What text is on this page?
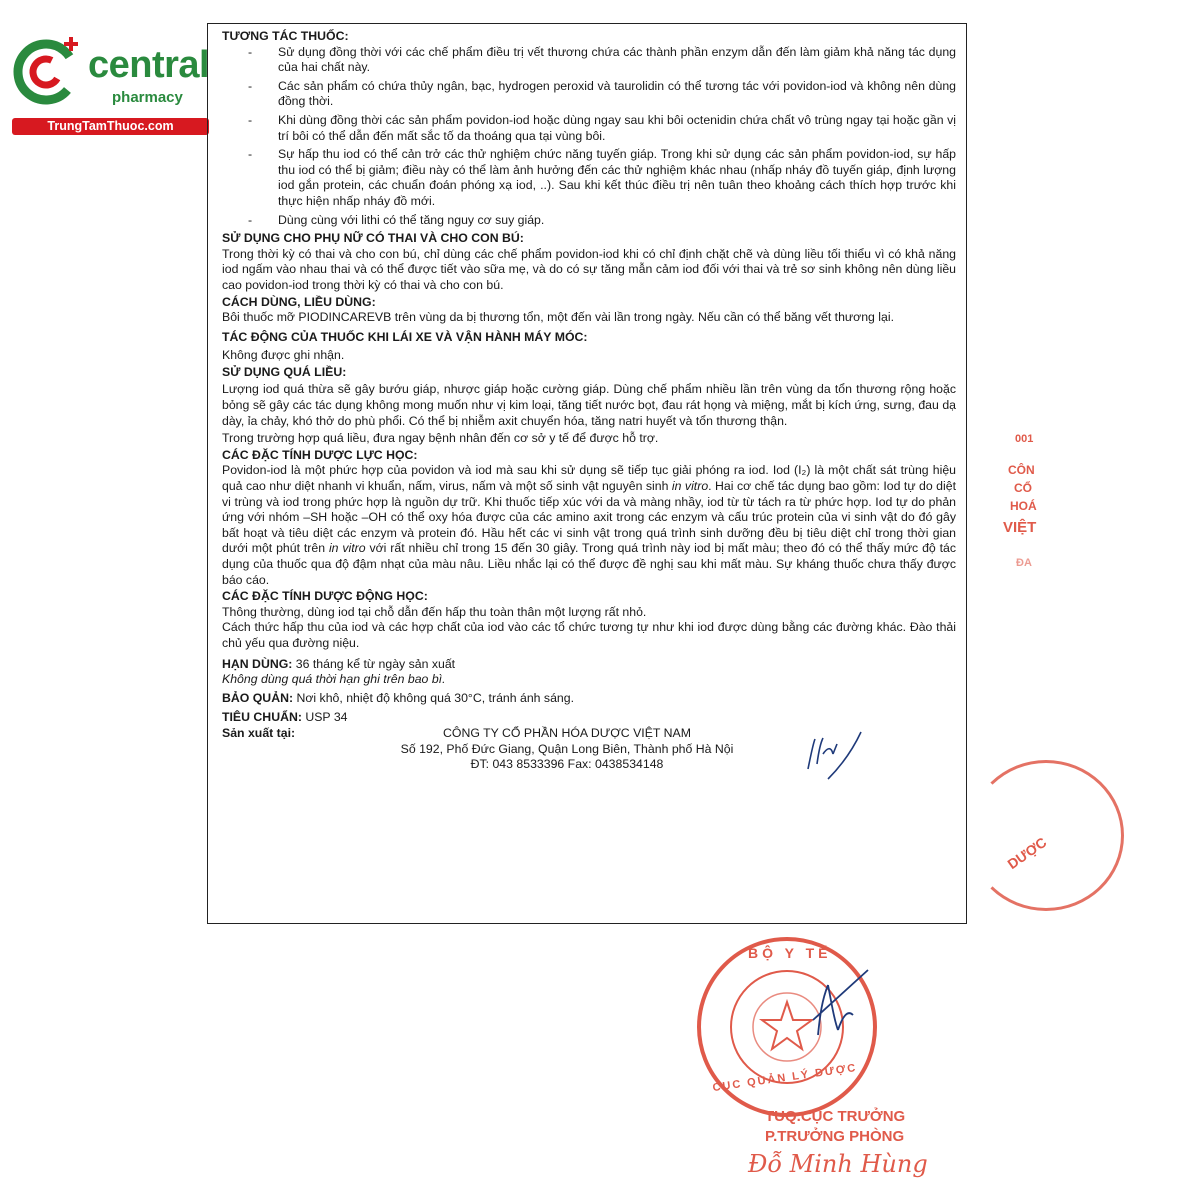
central
pharmacy
TrungTamThuoc.com
TƯƠNG TÁC THUỐC:
- Sử dụng đồng thời với các chế phẩm điều trị vết thương chứa các thành phần enzym dẫn đến làm giảm khả năng tác dụng của hai chất này.
- Các sản phẩm có chứa thủy ngân, bạc, hydrogen peroxid và taurolidin có thể tương tác với povidon-iod và không nên dùng đồng thời.
- Khi dùng đồng thời các sản phẩm povidon-iod hoặc dùng ngay sau khi bôi octenidin chứa chất vô trùng ngay tại hoặc gần vị trí bôi có thể dẫn đến mất sắc tố da thoáng qua tại vùng bôi.
- Sự hấp thu iod có thể cản trở các thử nghiệm chức năng tuyến giáp. Trong khi sử dụng các sản phẩm povidon-iod, sự hấp thu iod có thể bị giảm; điều này có thể làm ảnh hưởng đến các thử nghiệm khác nhau (nhấp nháy đồ tuyến giáp, định lượng iod gắn protein, các chuẩn đoán phóng xạ iod, ..). Sau khi kết thúc điều trị nên tuân theo khoảng cách thích hợp trước khi thực hiện nhấp nháy đồ mới.
- Dùng cùng với lithi có thể tăng nguy cơ suy giáp.
SỬ DỤNG CHO PHỤ NỮ CÓ THAI VÀ CHO CON BÚ:

Trong thời kỳ có thai và cho con bú, chỉ dùng các chế phẩm povidon-iod khi có chỉ định chặt chẽ và dùng liều tối thiểu vì có khả năng iod ngấm vào nhau thai và có thể được tiết vào sữa mẹ, và do có sự tăng mẫn cảm iod đối với thai và trẻ sơ sinh không nên dùng liều cao povidon-iod trong thời kỳ có thai và cho con bú.

CÁCH DÙNG, LIỀU DÙNG:

Bôi thuốc mỡ PIODINCAREVB trên vùng da bị thương tổn, một đến vài lần trong ngày. Nếu cần có thể băng vết thương lại.

TÁC ĐỘNG CỦA THUỐC KHI LÁI XE VÀ VẬN HÀNH MÁY MÓC:

Không được ghi nhận.

SỬ DỤNG QUÁ LIỀU:

Lượng iod quá thừa sẽ gây bướu giáp, nhược giáp hoặc cường giáp. Dùng chế phẩm nhiều lần trên vùng da tổn thương rộng hoặc bỏng sẽ gây các tác dụng không mong muốn như vị kim loại, tăng tiết nước bọt, đau rát họng và miệng, mắt bị kích ứng, sưng, đau dạ dày, ỉa chảy, khó thở do phù phổi. Có thể bị nhiễm axit chuyển hóa, tăng natri huyết và tổn thương thận.

Trong trường hợp quá liều, đưa ngay bệnh nhân đến cơ sở y tế để được hỗ trợ.

CÁC ĐẶC TÍNH DƯỢC LỰC HỌC:

Povidon-iod là một phức hợp của povidon và iod mà sau khi sử dụng sẽ tiếp tục giải phóng ra iod. Iod (I₂) là một chất sát trùng hiệu quả cao như diệt nhanh vi khuẩn, nấm, virus, nấm và một số sinh vật nguyên sinh in vitro. Hai cơ chế tác dụng bao gồm: Iod tự do diệt vi trùng và iod trong phức hợp là nguồn dự trữ. Khi thuốc tiếp xúc với da và màng nhầy, iod từ từ tách ra từ phức hợp. Iod tự do phản ứng với nhóm –SH hoặc –OH có thể oxy hóa được của các amino axit trong các enzym và cấu trúc protein của vi sinh vật do đó gây bất hoạt và tiêu diệt các enzym và protein đó. Hầu hết các vi sinh vật trong quá trình sinh dưỡng đều bị tiêu diệt chỉ trong thời gian dưới một phút trên in vitro với rất nhiều chỉ trong 15 đến 30 giây. Trong quá trình này iod bị mất màu; theo đó có thể thấy mức độ tác dụng của thuốc qua độ đậm nhạt của màu nâu. Liều nhắc lại có thể được đề nghị sau khi mất màu. Sự kháng thuốc chưa thấy được báo cáo.

CÁC ĐẶC TÍNH DƯỢC ĐỘNG HỌC:

Thông thường, dùng iod tại chỗ dẫn đến hấp thu toàn thân một lượng rất nhỏ.

Cách thức hấp thu của iod và các hợp chất của iod vào các tổ chức tương tự như khi iod được dùng bằng các đường khác. Đào thải chủ yếu qua đường niệu.

HẠN DÙNG: 36 tháng kể từ ngày sản xuất

Không dùng quá thời hạn ghi trên bao bì.

BẢO QUẢN: Nơi khô, nhiệt độ không quá 30°C, tránh ánh sáng.

TIÊU CHUẨN: USP 34

Sản xuất tại:	CÔNG TY CỔ PHẦN HÓA DƯỢC VIỆT NAM
Số 192, Phố Đức Giang, Quận Long Biên, Thành phố Hà Nội
ĐT: 043 8533396 Fax: 0438534148
001
CÔN
CỔ
HOÁ
VIỆT
ĐA
DƯỢC
BỘ Y TẾ
CỤC QUẢN LÝ DƯỢC
TUQ.CỤC TRƯỞNG
P.TRƯỞNG PHÒNG
Đỗ Minh Hùng
